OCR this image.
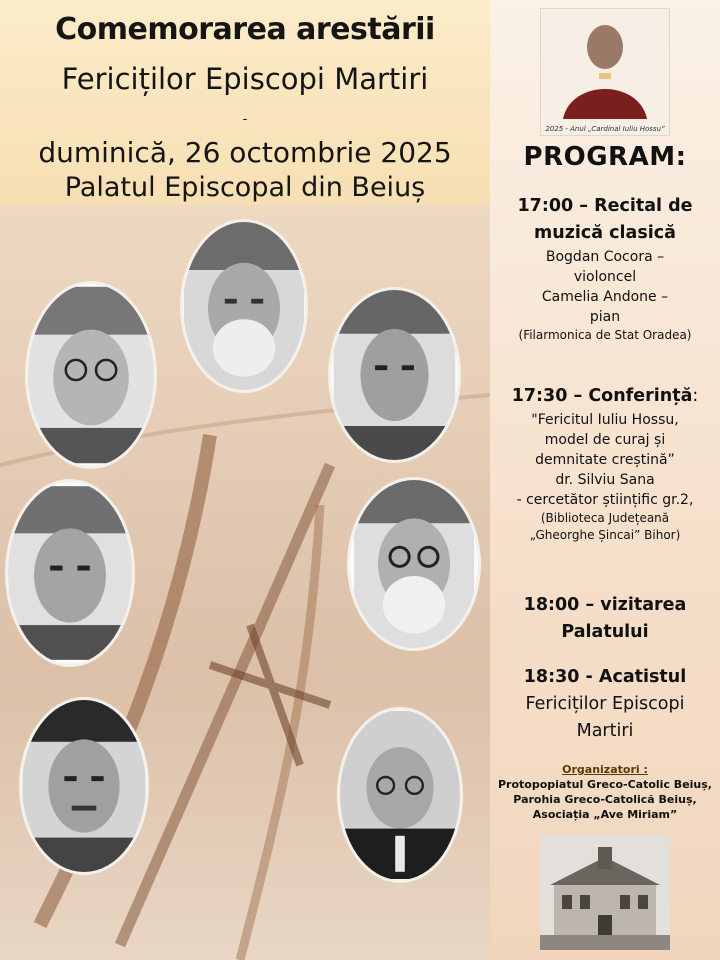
Comemorarea arestării
Fericiților Episcopi Martiri
-
duminică, 26 octombrie 2025
Palatul Episcopal din Beiuș
2025 - Anul „Cardinal Iuliu Hossu”
PROGRAM:
17:00 – Recital de muzică clasică
Bogdan Cocora –
violoncel
Camelia Andone –
pian
(Filarmonica de Stat Oradea)
17:30 – Conferință:
"Fericitul Iuliu Hossu,
model de curaj și
demnitate creștină”
dr. Silviu Sana
- cercetător științific gr.2,
(Biblioteca Județeană
„Gheorghe Șincai” Bihor)
18:00 – vizitarea Palatului
18:30 - Acatistul
Fericiților Episcopi
Martiri
Organizatori :
Protopopiatul Greco-Catolic Beiuș,
Parohia Greco-Catolică Beiuș,
Asociația „Ave Miriam”
